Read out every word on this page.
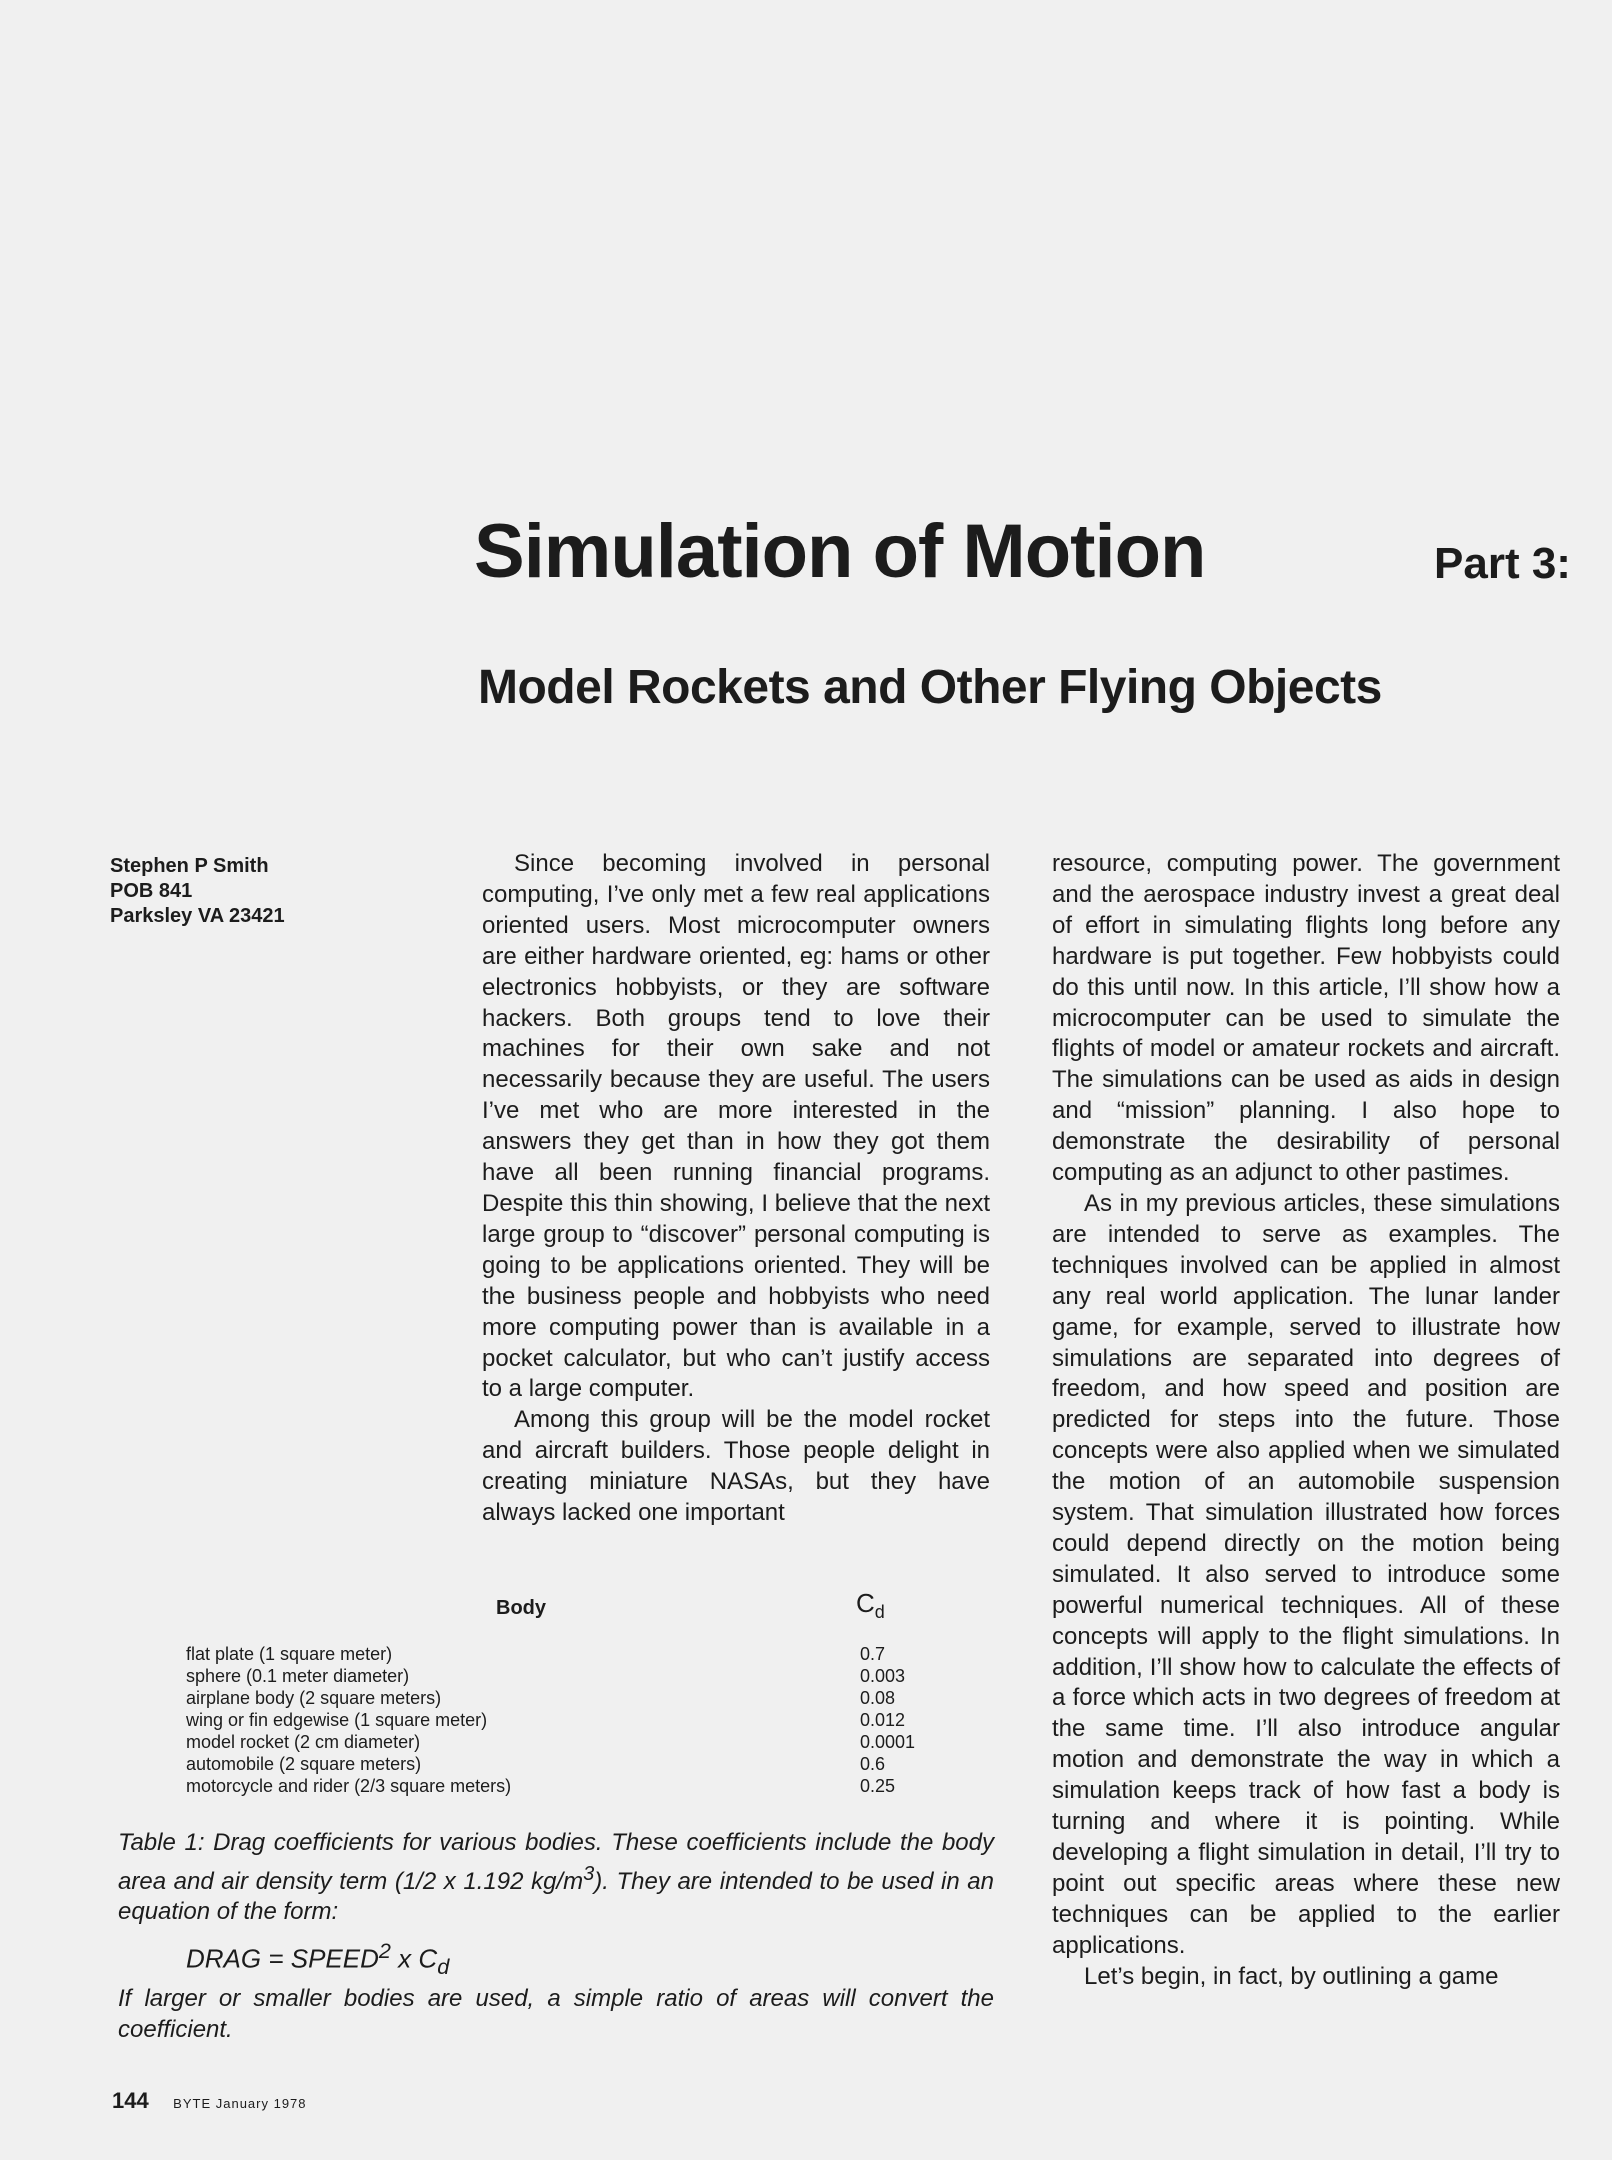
Simulation of Motion	Part 3:
Model Rockets and Other Flying Objects
Stephen P Smith
POB 841
Parksley VA 23421

Since becoming involved in personal computing, I’ve only met a few real applications oriented users. Most microcomputer owners are either hardware oriented, eg: hams or other electronics hobbyists, or they are software hackers. Both groups tend to love their machines for their own sake and not necessarily because they are useful. The users I’ve met who are more interested in the answers they get than in how they got them have all been running financial programs. Despite this thin showing, I believe that the next large group to “discover” personal computing is going to be applications oriented. They will be the business people and hobbyists who need more computing power than is available in a pocket calculator, but who can’t justify access to a large computer.

Among this group will be the model rocket and aircraft builders. Those people delight in creating miniature NASAs, but they have always lacked one important

resource, computing power. The government and the aerospace industry invest a great deal of effort in simulating flights long before any hardware is put together. Few hobbyists could do this until now. In this article, I’ll show how a microcomputer can be used to simulate the flights of model or amateur rockets and aircraft. The simulations can be used as aids in design and “mission” planning. I also hope to demonstrate the desirability of personal computing as an adjunct to other pastimes.

As in my previous articles, these simulations are intended to serve as examples. The techniques involved can be applied in almost any real world application. The lunar lander game, for example, served to illustrate how simulations are separated into degrees of freedom, and how speed and position are predicted for steps into the future. Those concepts were also applied when we simulated the motion of an automobile suspension system. That simulation illustrated how forces could depend directly on the motion being simulated. It also served to introduce some powerful numerical techniques. All of these concepts will apply to the flight simulations. In addition, I’ll show how to calculate the effects of a force which acts in two degrees of freedom at the same time. I’ll also introduce angular motion and demonstrate the way in which a simulation keeps track of how fast a body is turning and where it is pointing. While developing a flight simulation in detail, I’ll try to point out specific areas where these new techniques can be applied to the earlier applications.

Let’s begin, in fact, by outlining a game

Body	$C_d$
flat plate (1 square meter)	0.7
sphere (0.1 meter diameter)	0.003
airplane body (2 square meters)	0.08
wing or fin edgewise (1 square meter)	0.012
model rocket (2 cm diameter)	0.0001
automobile (2 square meters)	0.6
motorcycle and rider (2/3 square meters)	0.25

Table 1: Drag coefficients for various bodies. These coefficients include the body area and air density term (1/2 x 1.192 $kg/m^3$). They are intended to be used in an equation of the form:

DRAG = $SPEED^2$ x $C_d$
If larger or smaller bodies are used, a simple ratio of areas will convert the coefficient.
144 BYTE January 1978
